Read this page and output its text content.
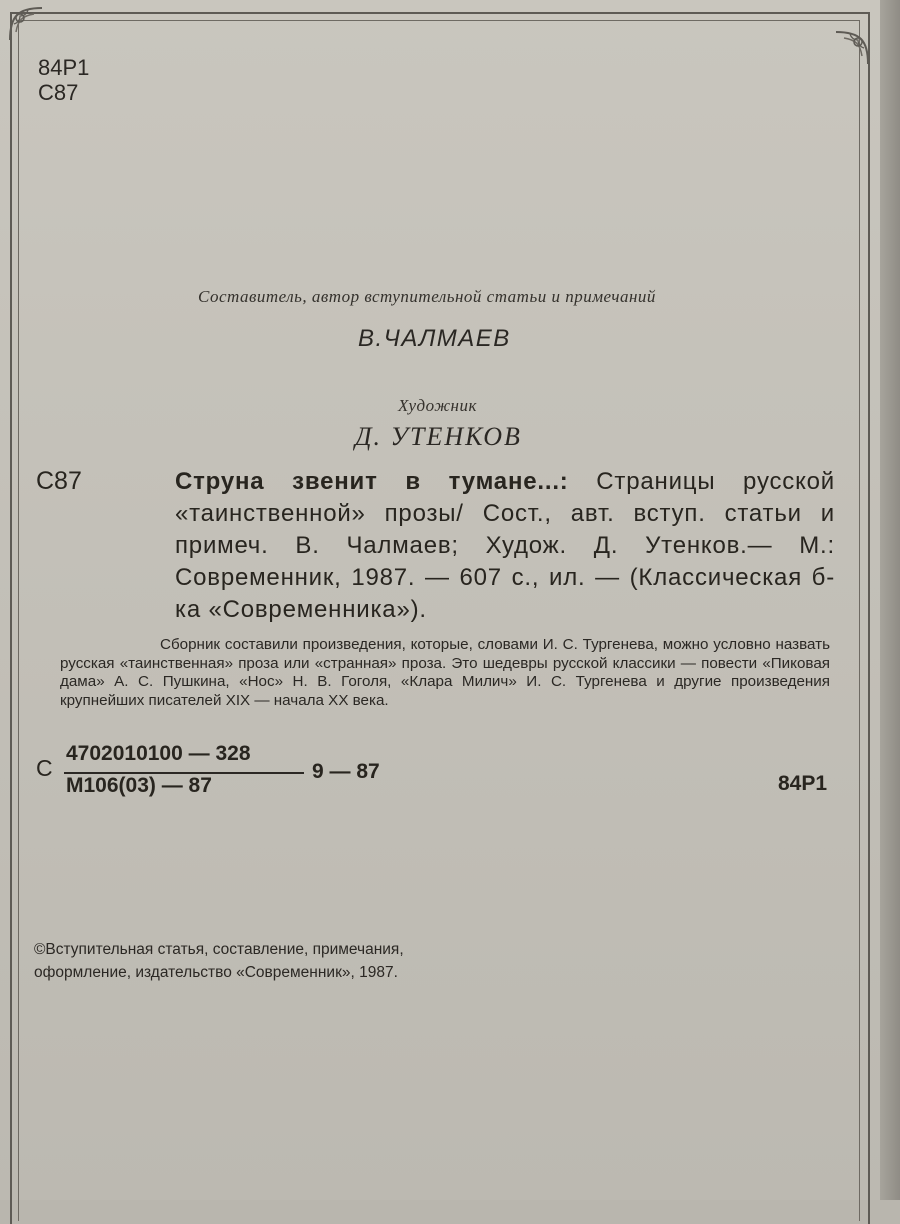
84Р1
С87
Составитель, автор вступительной статьи и примечаний
В.ЧАЛМАЕВ
Художник
Д. УТЕНКОВ
С87	Струна звенит в тумане...: Страницы русской «таинственной» прозы/ Сост., авт. вступ. статьи и примеч. В. Чалмаев; Худож. Д. Утенков.— М.: Современник, 1987. — 607 с., ил. — (Классическая б-ка «Современника»).
Сборник составили произведения, которые, словами И. С. Тургенева, можно условно назвать русская «таинственная» проза или «странная» проза. Это шедевры русской классики — повести «Пиковая дама» А. С. Пушкина, «Нос» Н. В. Гоголя, «Клара Милич» И. С. Тургенева и другие произведения крупнейших писателей XIX — начала XX века.
С
4702010100 — 328
М106(03) — 87
9 — 87
84Р1
©Вступительная статья, составление, примечания,
оформление, издательство «Современник», 1987.
